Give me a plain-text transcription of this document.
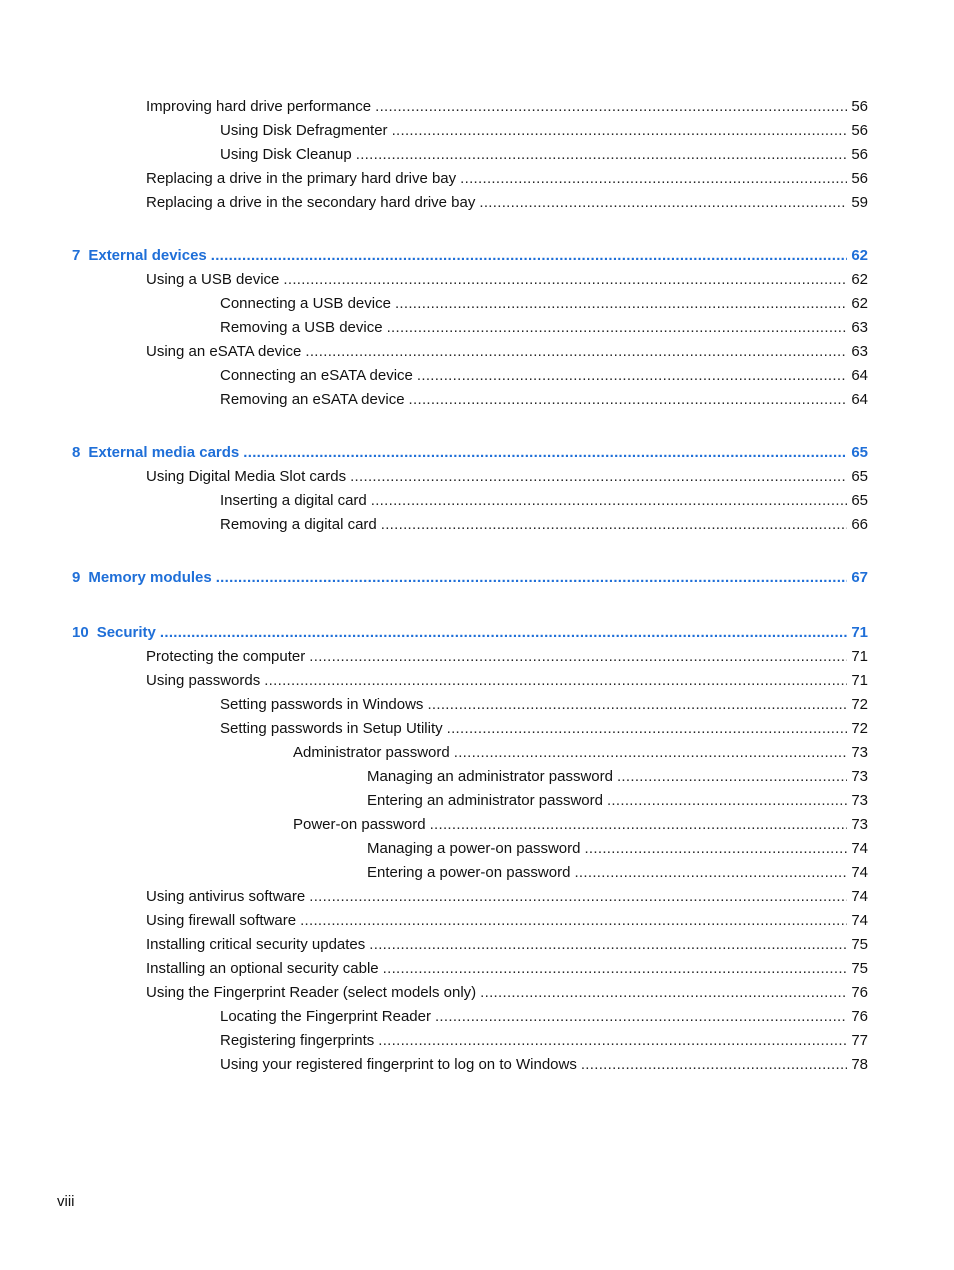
Improving hard drive performance .....	56
Using Disk Defragmenter .....	56
Using Disk Cleanup .....	56
Replacing a drive in the primary hard drive bay .....	56
Replacing a drive in the secondary hard drive bay .....	59
7 External devices .....	62
Using a USB device .....	62
Connecting a USB device .....	62
Removing a USB device .....	63
Using an eSATA device .....	63
Connecting an eSATA device .....	64
Removing an eSATA device .....	64
8 External media cards .....	65
Using Digital Media Slot cards .....	65
Inserting a digital card .....	65
Removing a digital card .....	66
9 Memory modules .....	67
10 Security .....	71
Protecting the computer .....	71
Using passwords .....	71
Setting passwords in Windows .....	72
Setting passwords in Setup Utility .....	72
Administrator password .....	73
Managing an administrator password .....	73
Entering an administrator password .....	73
Power-on password .....	73
Managing a power-on password .....	74
Entering a power-on password .....	74
Using antivirus software .....	74
Using firewall software .....	74
Installing critical security updates .....	75
Installing an optional security cable .....	75
Using the Fingerprint Reader (select models only) .....	76
Locating the Fingerprint Reader .....	76
Registering fingerprints .....	77
Using your registered fingerprint to log on to Windows .....	78
viii
